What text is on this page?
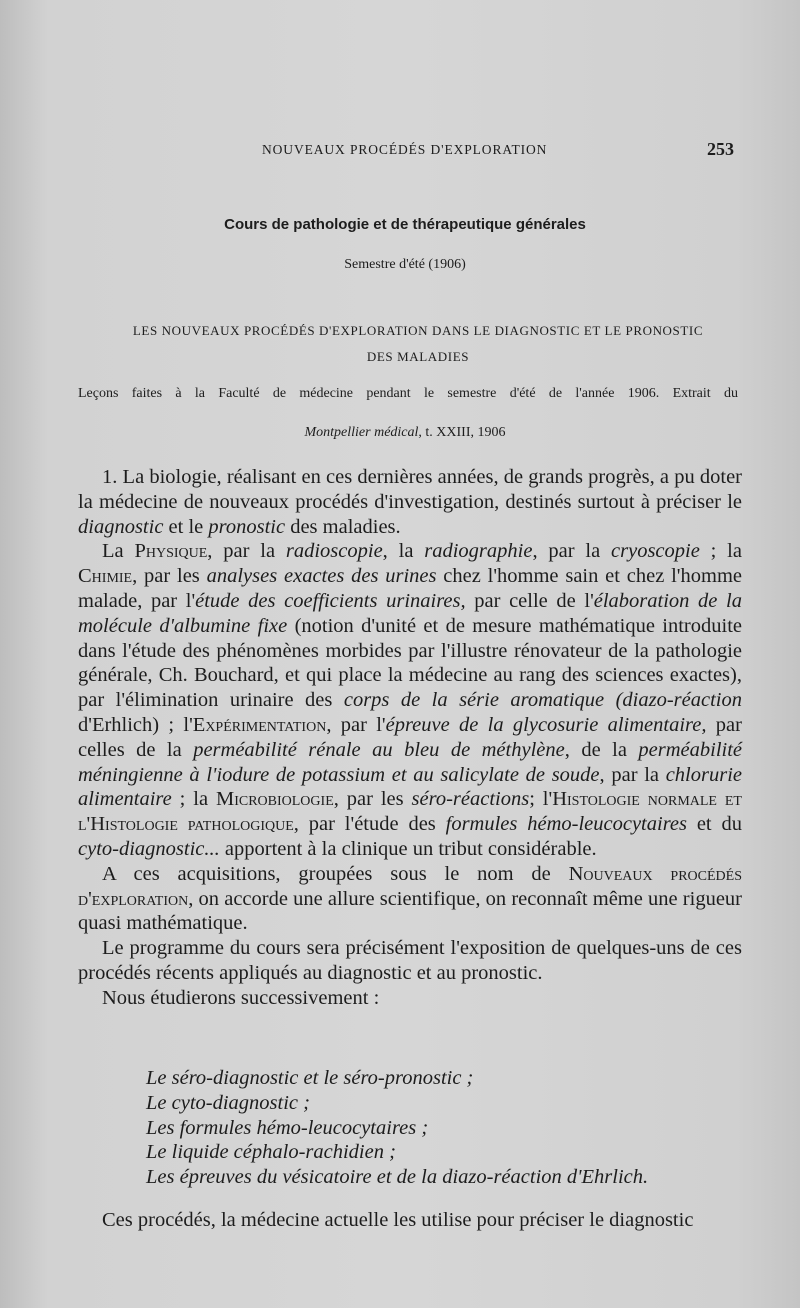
NOUVEAUX PROCÉDÉS D'EXPLORATION	253
Cours de pathologie et de thérapeutique générales
Semestre d'été (1906)
LES NOUVEAUX PROCÉDÉS D'EXPLORATION DANS LE DIAGNOSTIC ET LE PRONOSTIC
DES MALADIES
Leçons faites à la Faculté de médecine pendant le semestre d'été de l'année 1906. Extrait du
Montpellier médical, t. XXIII, 1906

1. La biologie, réalisant en ces dernières années, de grands progrès, a pu doter la médecine de nouveaux procédés d'investigation, destinés surtout à préciser le diagnostic et le pronostic des maladies.

La Physique, par la radioscopie, la radiographie, par la cryoscopie ; la Chimie, par les analyses exactes des urines chez l'homme sain et chez l'homme malade, par l'étude des coefficients urinaires, par celle de l'élaboration de la molécule d'albumine fixe (notion d'unité et de mesure mathématique introduite dans l'étude des phénomènes morbides par l'illustre rénovateur de la pathologie générale, Ch. Bouchard, et qui place la médecine au rang des sciences exactes), par l'élimination urinaire des corps de la série aromatique (diazo-réaction d'Erhlich) ; l'Expérimentation, par l'épreuve de la glycosurie alimentaire, par celles de la perméabilité rénale au bleu de méthylène, de la perméabilité méningienne à l'iodure de potassium et au salicylate de soude, par la chlorurie alimentaire ; la Microbiologie, par les séro-réactions; l'Histologie normale et l'Histologie pathologique, par l'étude des formules hémo-leucocytaires et du cyto-diagnostic... apportent à la clinique un tribut considérable.

A ces acquisitions, groupées sous le nom de Nouveaux procédés d'exploration, on accorde une allure scientifique, on reconnaît même une rigueur quasi mathématique.

Le programme du cours sera précisément l'exposition de quelques-uns de ces procédés récents appliqués au diagnostic et au pronostic.

Nous étudierons successivement :

Le séro-diagnostic et le séro-pronostic ;
Le cyto-diagnostic ;
Les formules hémo-leucocytaires ;
Le liquide céphalo-rachidien ;
Les épreuves du vésicatoire et de la diazo-réaction d'Ehrlich.
Ces procédés, la médecine actuelle les utilise pour préciser le diagnostic
